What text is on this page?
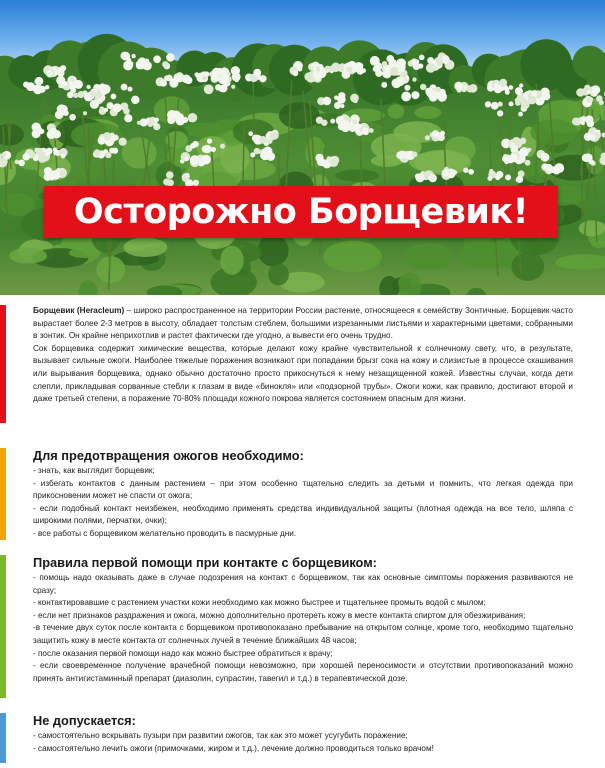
Осторожно Борщевик!

Борщевик (Heracleum) – широко распространенное на территории России растение, относящееся к семейству Зонтичные. Борщевик часто вырастает более 2-3 метров в высоту, обладает толстым стеблем, большими изрезанными листьями и характерными цветами, собранными в зонтик. Он крайне неприхотлив и растет фактически где угодно, а вывести его очень трудно.

Сок борщевика содержит химические вещества, которые делают кожу крайне чувствительной к солнечному свету, что, в результате, вызывает сильные ожоги. Наиболее тяжелые поражения возникают при попадании брызг сока на кожу и слизистые в процессе скашивания или вырывания борщевика, однако обычно достаточно просто прикоснуться к нему незащищенной кожей. Известны случаи, когда дети слепли, прикладывая сорванные стебли к глазам в виде «бинокля» или «подзорной трубы». Ожоги кожи, как правило, достигают второй и даже третьей степени, а поражение 70-80% площади кожного покрова является состоянием опасным для жизни.

Для предотвращения ожогов необходимо:

- знать, как выглядит борщевик;

- избегать контактов с данным растением – при этом особенно тщательно следить за детьми и помнить, что легкая одежда при прикосновении может не спасти от ожога;

- если подобный контакт неизбежен, необходимо применять средства индивидуальной защиты (плотная одежда на все тело, шляпа с широкими полями, перчатки, очки);

- все работы с борщевиком желательно проводить в пасмурные дни.

Правила первой помощи при контакте с борщевиком:

- помощь надо оказывать даже в случае подозрения на контакт с борщевиком, так как основные симптомы поражения развиваются не сразу;

- контактировавшие с растением участки кожи необходимо как можно быстрее и тщательнее промыть водой с мылом;

- если нет признаков раздражения и ожога, можно дополнительно протереть кожу в месте контакта спиртом для обезжиривания;

-в течение двух суток после контакта с борщевиком противопоказано пребывание на открытом солнце, кроме того, необходимо тщательно защитить кожу в месте контакта от солнечных лучей в течение ближайших 48 часов;

- после оказания первой помощи надо как можно быстрее обратиться к врачу;

- если своевременное получение врачебной помощи невозможно, при хорошей переносимости и отсутствии противопоказаний можно принять антигистаминный препарат (диазолин, супрастин, тавегил и т.д.) в терапевтической дозе.

Не допускается:

- самостоятельно вскрывать пузыри при развитии ожогов, так как это может усугубить поражение;

- самостоятельно лечить ожоги (примочками, жиром и т.д.), лечение должно проводиться только врачом!
